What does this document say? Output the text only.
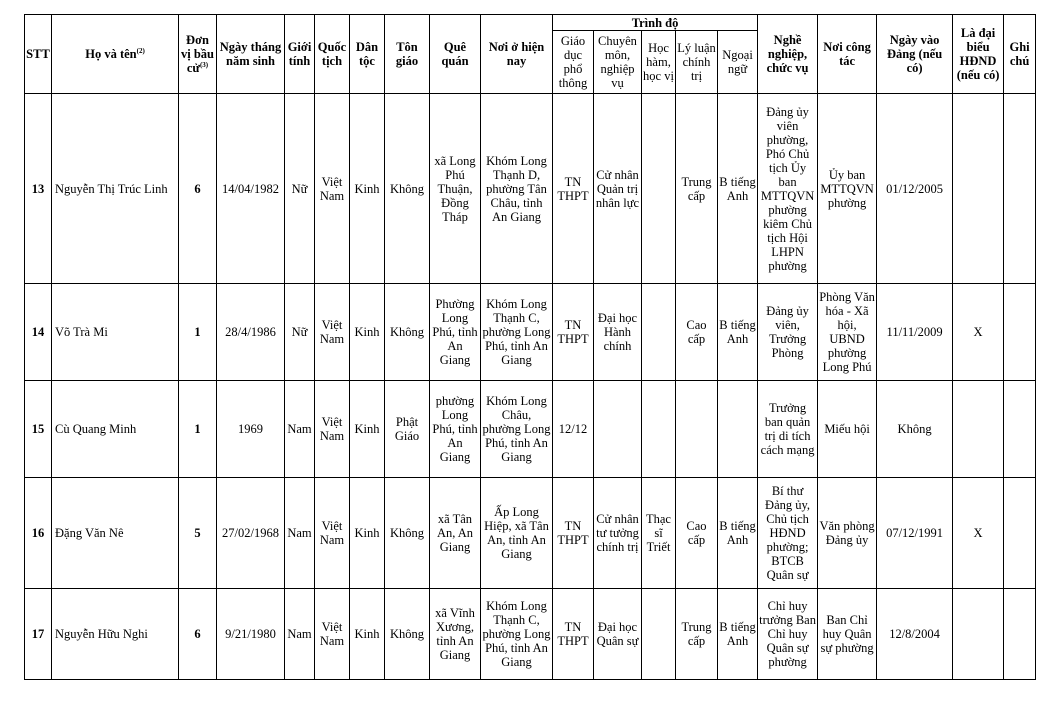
STT	Họ và tên$^{(2)}$	Đơn vị bầu cử$^{(3)}$	Ngày tháng năm sinh	Giới tính	Quốc tịch	Dân tộc	Tôn giáo	Quê quán	Nơi ở hiện nay	Trình độ					Nghề nghiệp, chức vụ	Nơi công tác	Ngày vào Đảng (nếu có)	Là đại biểu HĐND (nếu có)	Ghi chú
										Giáo dục phổ thông	Chuyên môn, nghiệp vụ	Học hàm, học vị	Lý luận chính trị	Ngoại ngữ					
13	Nguyễn Thị Trúc Linh	6	14/04/1982	Nữ	Việt Nam	Kinh	Không	xã Long Phú Thuận, Đồng Tháp	Khóm Long Thạnh D, phường Tân Châu, tỉnh An Giang	TN THPT	Cử nhân Quản trị nhân lực		Trung cấp	B tiếng Anh	Đảng ủy viên phường, Phó Chủ tịch Ủy ban MTTQVN phường kiêm Chủ tịch Hội LHPN phường	Ủy ban MTTQVN phường	01/12/2005		
14	Võ Trà Mi	1	28/4/1986	Nữ	Việt Nam	Kinh	Không	Phường Long Phú, tỉnh An Giang	Khóm Long Thạnh C, phường Long Phú, tỉnh An Giang	TN THPT	Đại học Hành chính		Cao cấp	B tiếng Anh	Đảng ủy viên, Trưởng Phòng	Phòng Văn hóa - Xã hội, UBND phường Long Phú	11/11/2009	X	
15	Cù Quang Minh	1	1969	Nam	Việt Nam	Kinh	Phật Giáo	phường Long Phú, tỉnh An Giang	Khóm Long Châu, phường Long Phú, tỉnh An Giang	12/12					Trưởng ban quản trị di tích cách mạng	Miếu hội	Không		
16	Đặng Văn Nê	5	27/02/1968	Nam	Việt Nam	Kinh	Không	xã Tân An, An Giang	Ấp Long Hiệp, xã Tân An, tỉnh An Giang	TN THPT	Cử nhân tư tưởng chính trị	Thạc sĩ Triết	Cao cấp	B tiếng Anh	Bí thư Đảng ủy, Chủ tịch HĐND phường; BTCB Quân sự	Văn phòng Đảng ủy	07/12/1991	X	
17	Nguyễn Hữu Nghi	6	9/21/1980	Nam	Việt Nam	Kinh	Không	xã Vĩnh Xương, tỉnh An Giang	Khóm Long Thạnh C, phường Long Phú, tỉnh An Giang	TN THPT	Đại học Quân sự		Trung cấp	B tiếng Anh	Chỉ huy trưởng Ban Chỉ huy Quân sự phường	Ban Chỉ huy Quân sự phường	12/8/2004		
